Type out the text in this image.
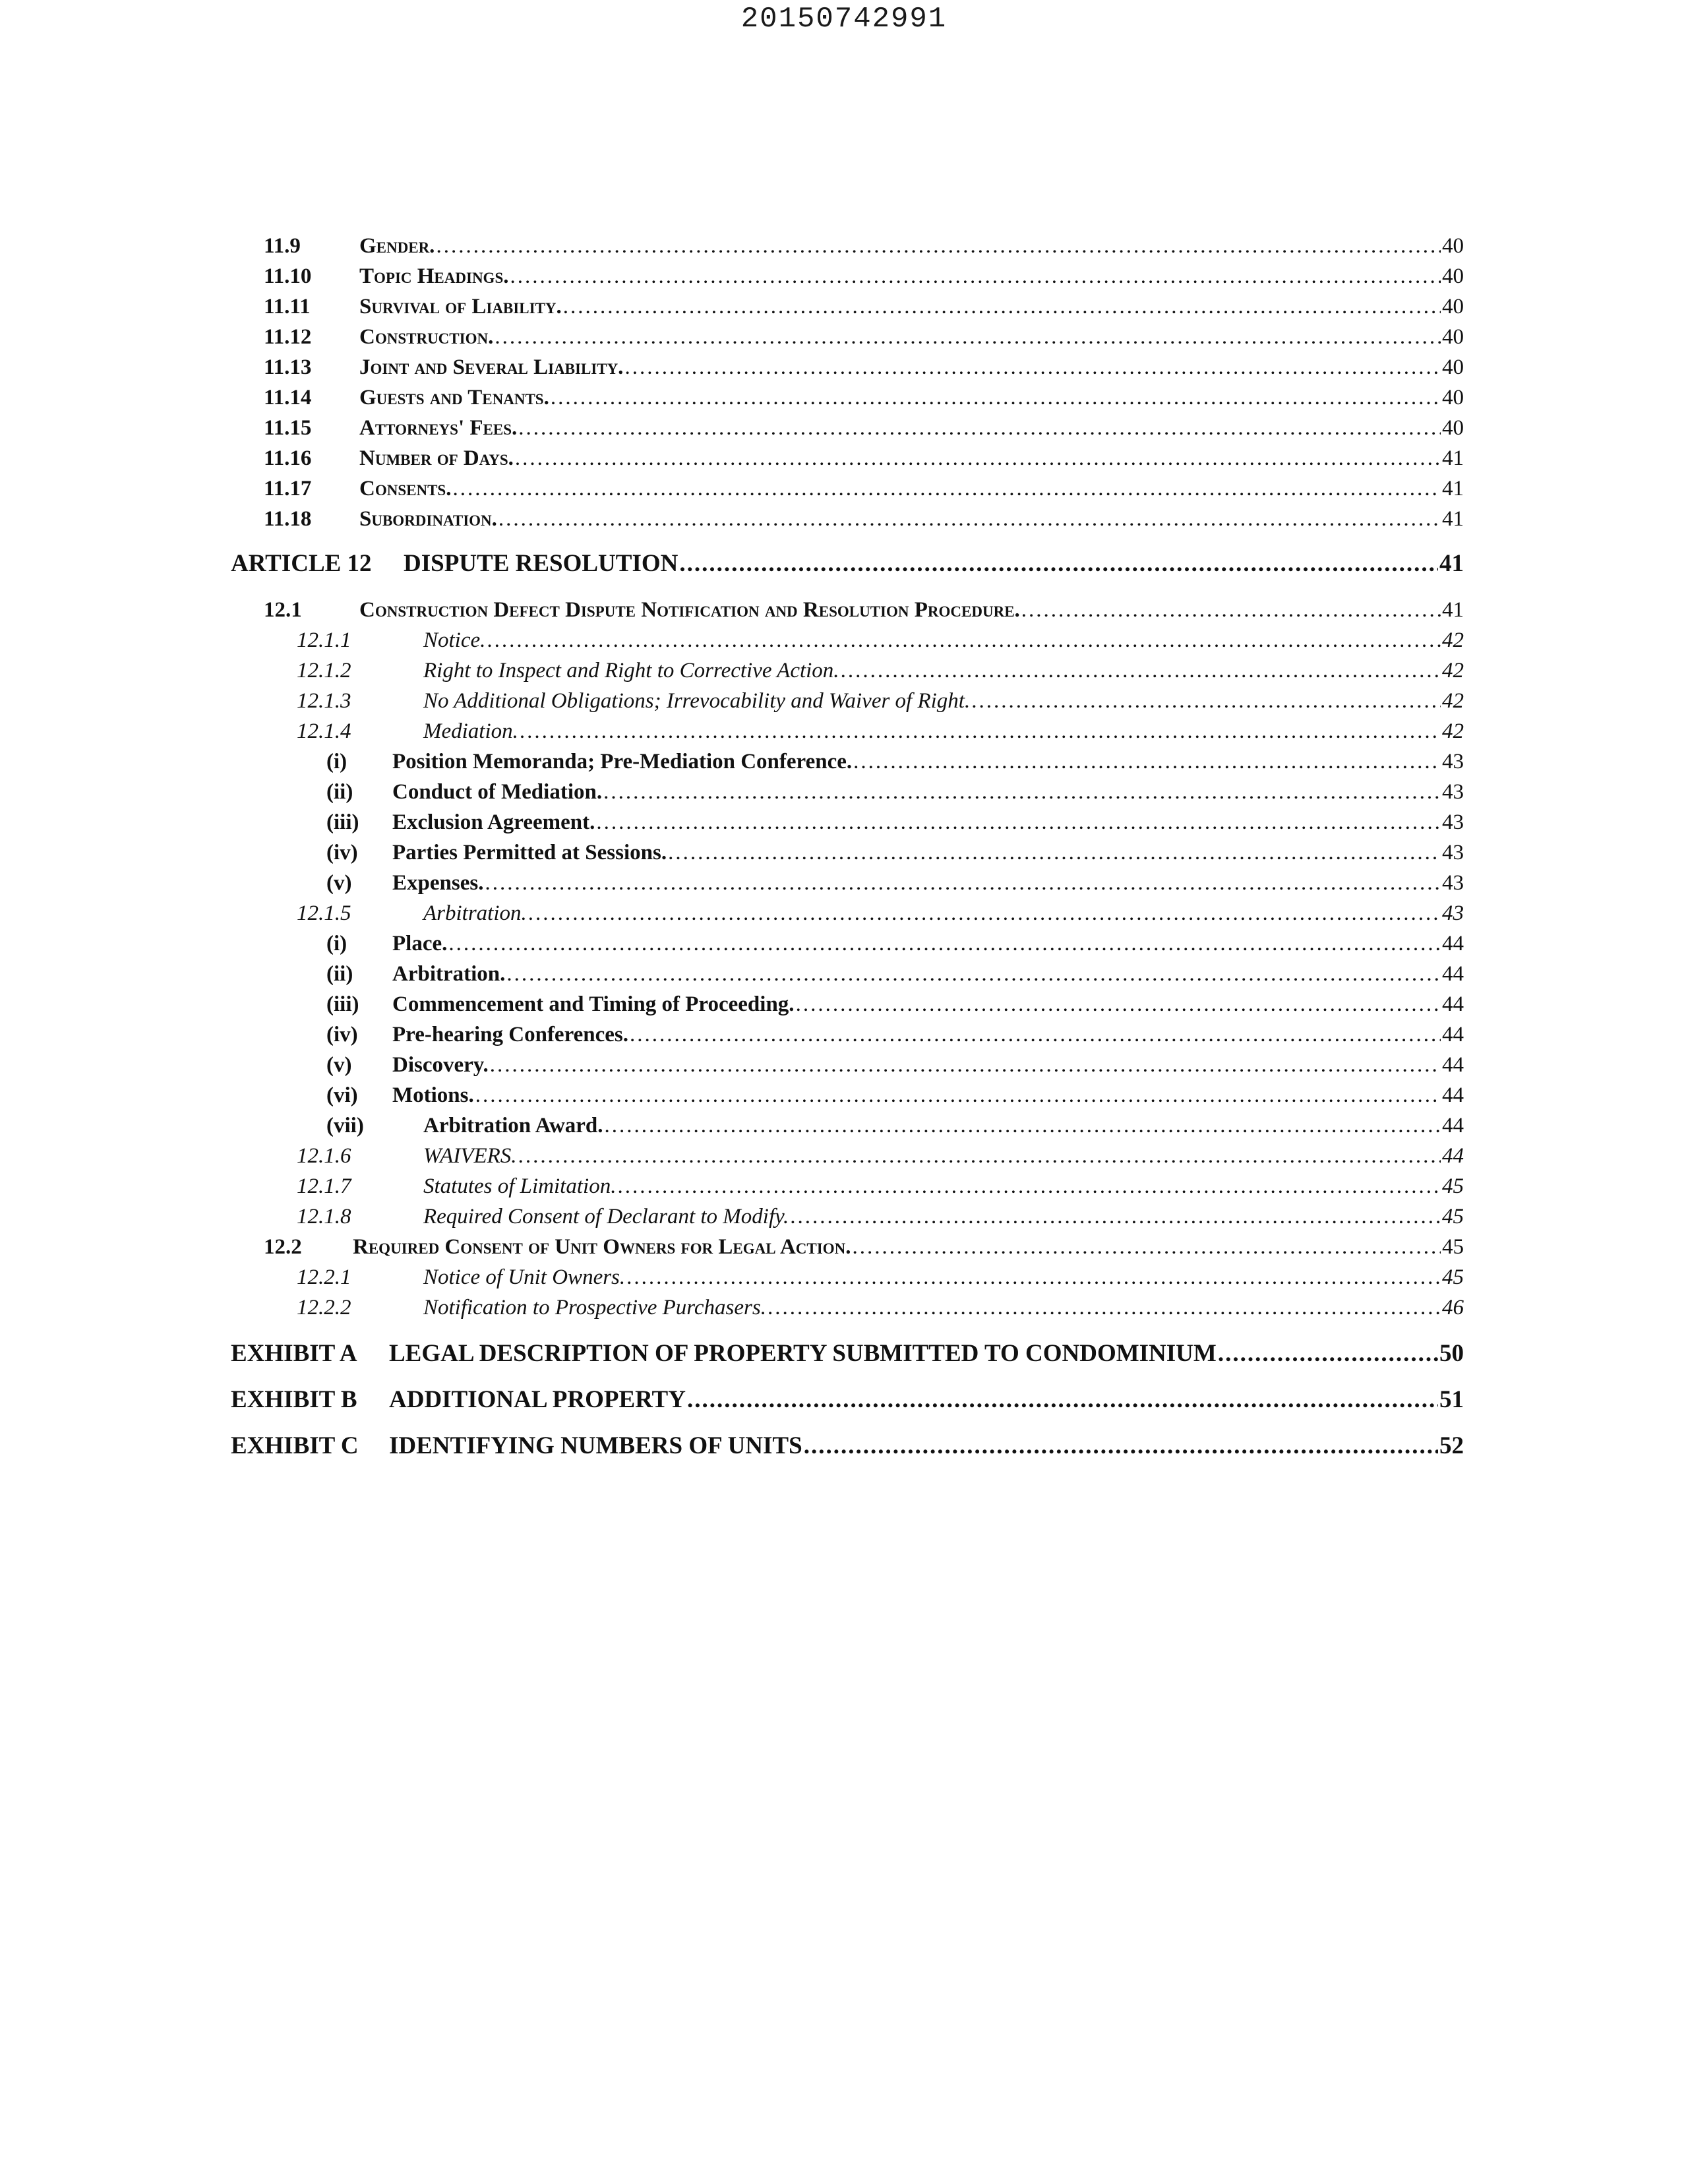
20150742991
11.9	Gender. .....	40
11.10 Topic Headings. .....	40
11.11 Survival of Liability. .....	40
11.12 Construction. .....	40
11.13 Joint and Several Liability. .....	40
11.14 Guests and Tenants. .....	40
11.15 Attorneys' Fees. .....	40
11.16 Number of Days. .....	41
11.17 Consents. .....	41
11.18 Subordination. .....	41
ARTICLE 12 DISPUTE RESOLUTION .....	41
12.1	Construction Defect Dispute Notification and Resolution Procedure. .....	41
12.1.1	Notice. .....	42
12.1.2	Right to Inspect and Right to Corrective Action. .....	42
12.1.3	No Additional Obligations; Irrevocability and Waiver of Right. .....	42
12.1.4	Mediation. .....	42
(i) Position Memoranda; Pre-Mediation Conference. .....	43
(ii) Conduct of Mediation. .....	43
(iii) Exclusion Agreement. .....	43
(iv) Parties Permitted at Sessions. .....	43
(v) Expenses. .....	43
12.1.5	Arbitration. .....	43
(i) Place. .....	44
(ii) Arbitration. .....	44
(iii) Commencement and Timing of Proceeding. .....	44
(iv) Pre-hearing Conferences. .....	44
(v) Discovery. .....	44
(vi) Motions. .....	44
(vii)	Arbitration Award. .....	44
12.1.6	WAIVERS. .....	44
12.1.7	Statutes of Limitation. .....	45
12.1.8	Required Consent of Declarant to Modify. .....	45
12.2 Required Consent of Unit Owners for Legal Action. .....	45
12.2.1	Notice of Unit Owners. .....	45
12.2.2	Notification to Prospective Purchasers. .....	46
EXHIBIT A LEGAL DESCRIPTION OF PROPERTY SUBMITTED TO CONDOMINIUM .....	50
EXHIBIT B ADDITIONAL PROPERTY .....	51
EXHIBIT C IDENTIFYING NUMBERS OF UNITS .....	52
